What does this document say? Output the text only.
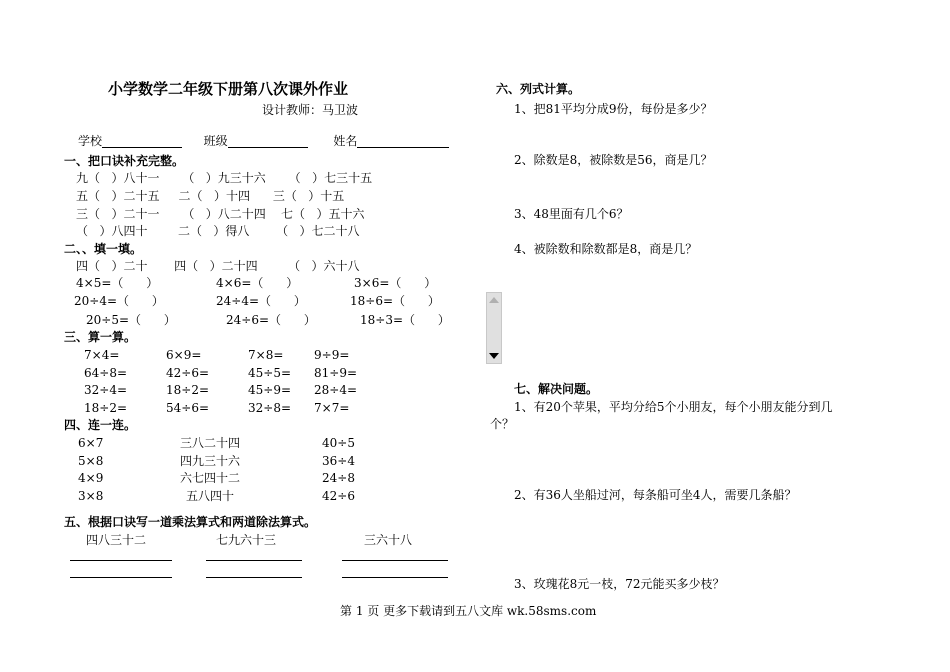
小学数学二年级下册第八次课外作业
设计教师：马卫波
学校	班级	姓名
一、把口诀补充完整。
九（   ）八十一      （   ）九三十六      （   ）七三十五
五（   ）二十五     二（   ）十四      三（   ）十五
三（   ）二十一      （   ）八二十四    七（   ）五十六
（   ）八四十        二（   ）得八       （   ）七二十八
二、、填一填。
四（   ）二十       四（   ）二十四        （   ）六十八
4×5=（      ）	4×6=（      ）	3×6=（      ）
20÷4=（      ）	24÷4=（      ）	18÷6=（      ）
20÷5=（      ）	24÷6=（      ）	18÷3=（      ）
三、算一算。
7×4=	6×9=	7×8=	9÷9=
64÷8=	42÷6=	45÷5= 81÷9=
32÷4=	18÷2=	45÷9= 28÷4=
18÷2=	54÷6=	32÷8= 7×7=
四、连一连。
6×7	三八二十四	40÷5
5×8	四九三十六	36÷4
4×9	六七四十二	24÷8
3×8	五八四十	42÷6
五、根据口诀写一道乘法算式和两道除法算式。
四八三十二	七九六十三	三六十八
六、列式计算。
1、把81平均分成9份，每份是多少？
2、除数是8，被除数是56，商是几？
3、48里面有几个6？
4、被除数和除数都是8，商是几？
七、解决问题。
1、有20个苹果，平均分给5个小朋友，每个小朋友能分到几
个？
2、有36人坐船过河，每条船可坐4人，需要几条船？
3、玫瑰花8元一枝，72元能买多少枝？
第 1 页 更多下载请到五八文库 wk.58sms.com
